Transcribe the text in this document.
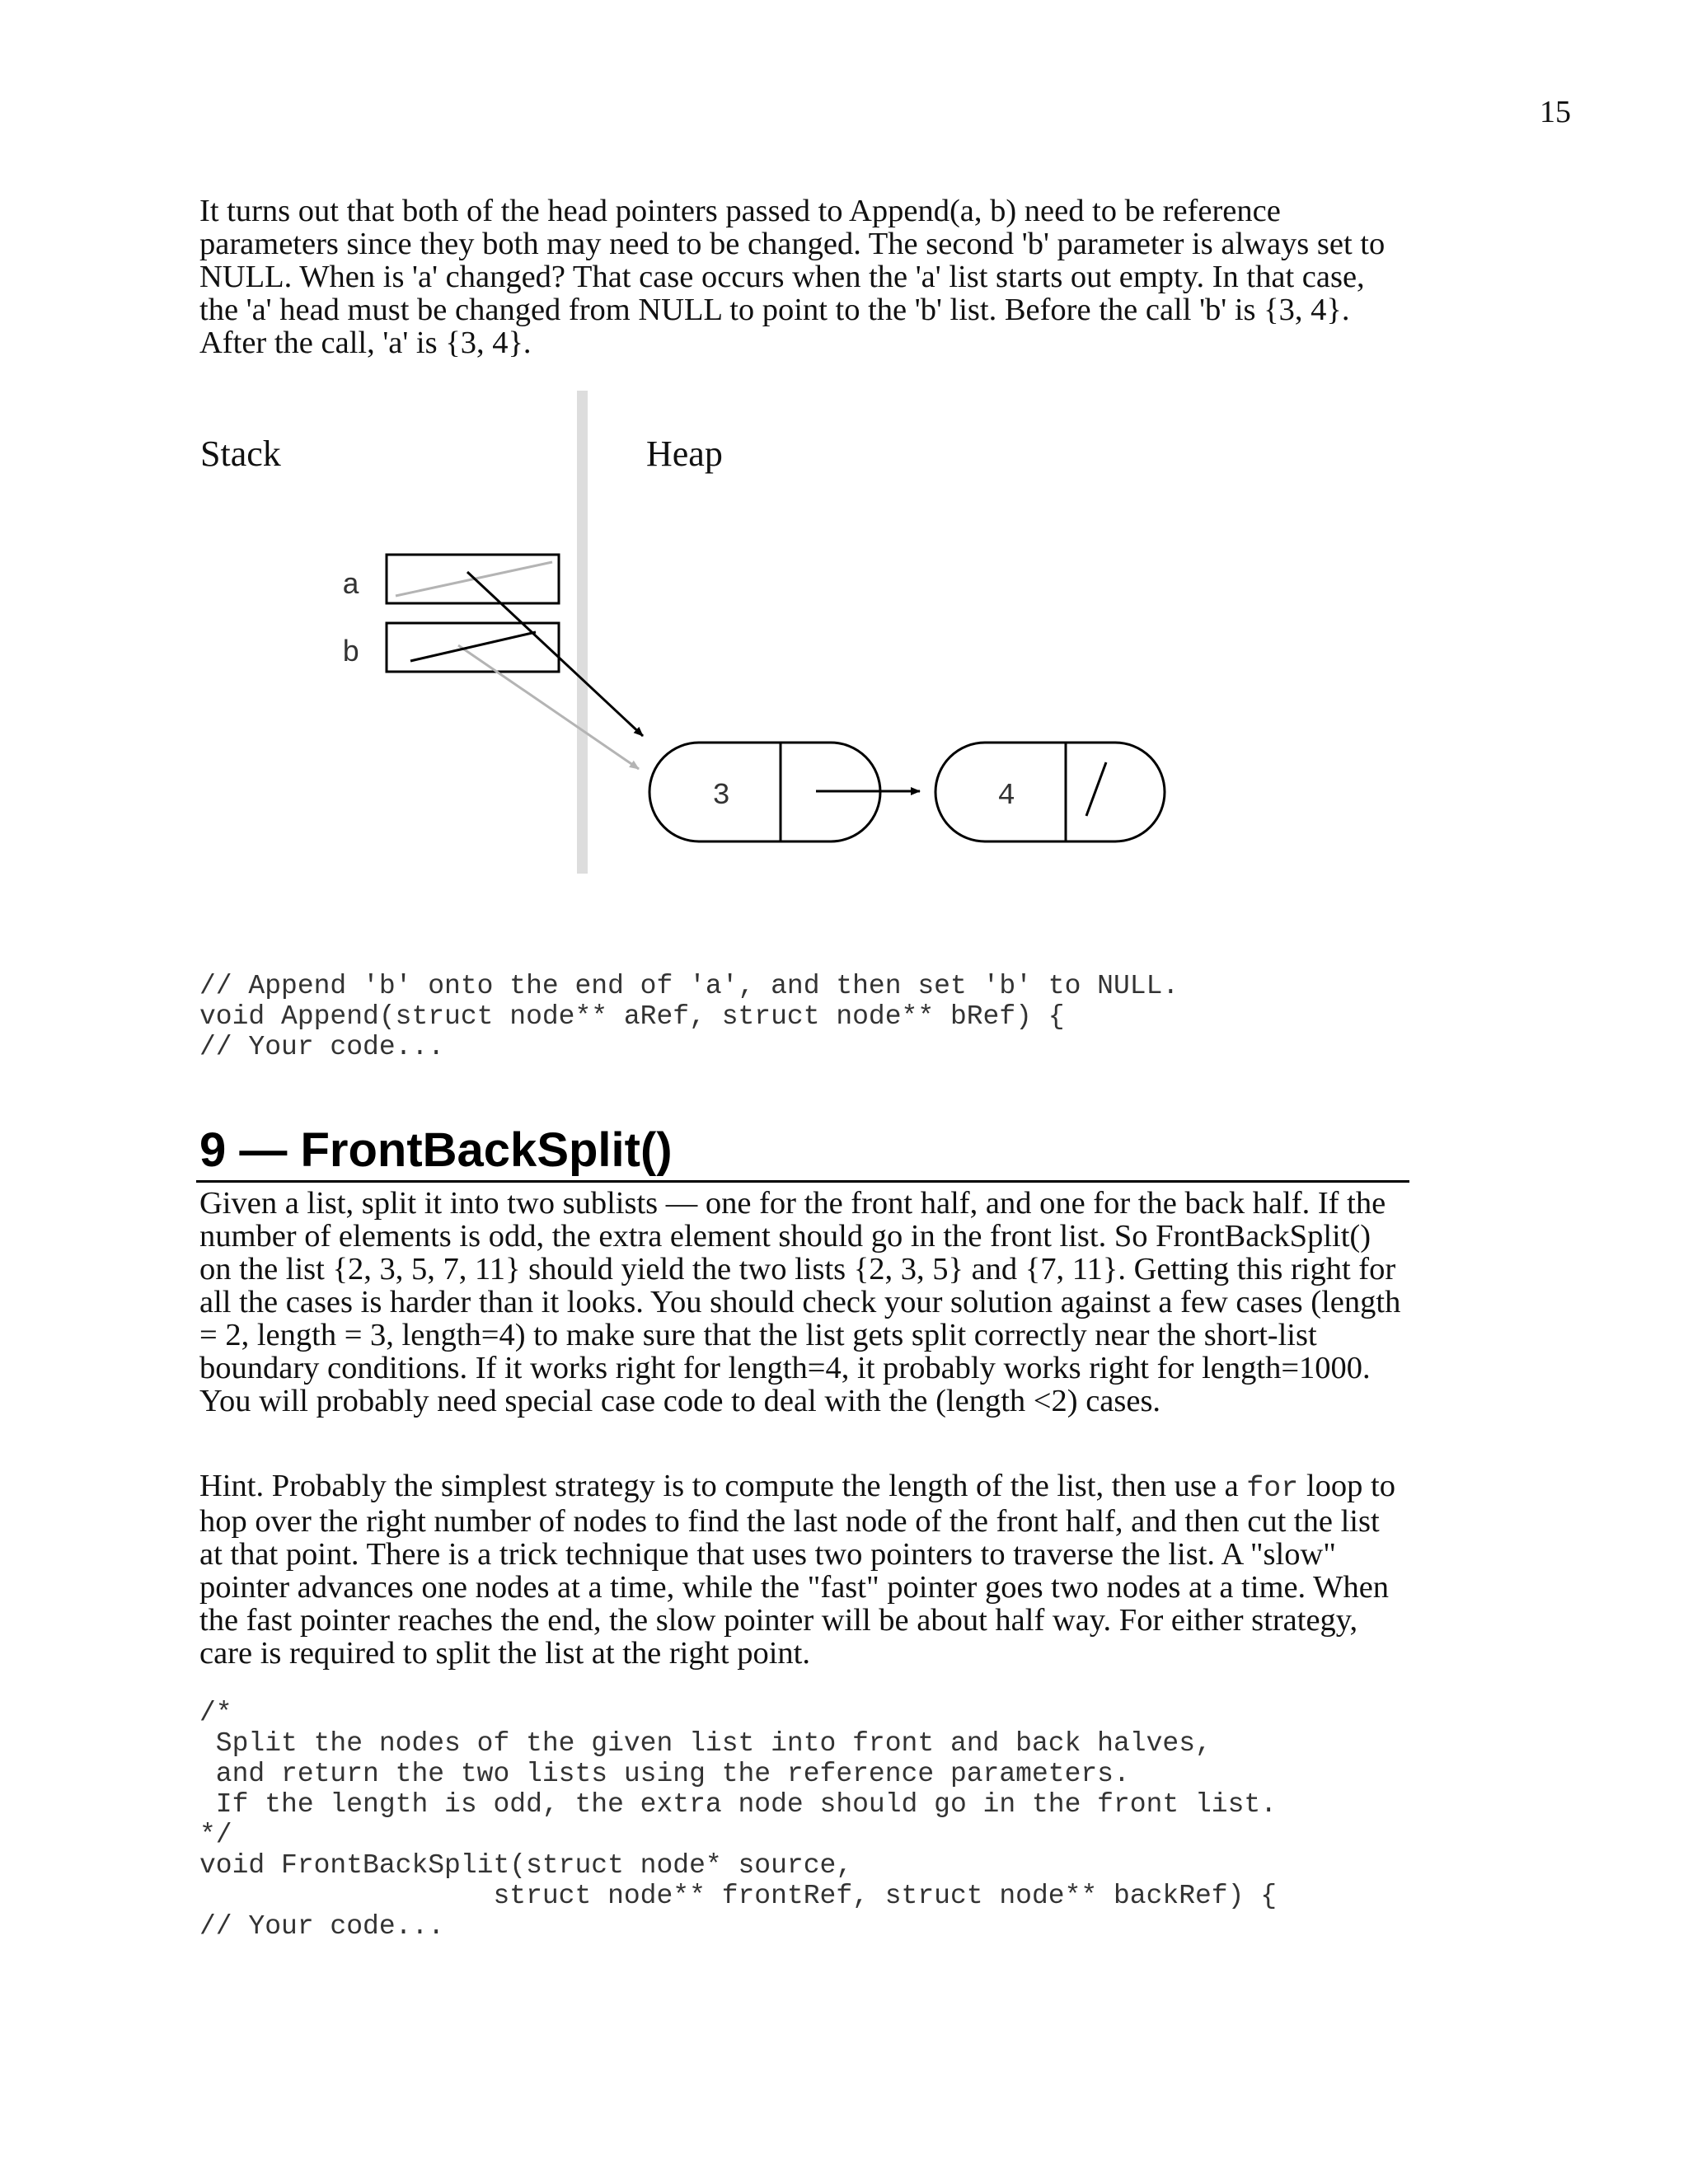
15

It turns out that both of the head pointers passed to Append(a, b) need to be reference parameters since they both may need to be changed. The second 'b' parameter is always set to NULL. When is 'a' changed? That case occurs when the 'a' list starts out empty. In that case, the 'a' head must be changed from NULL to point to the 'b' list. Before the call 'b' is {3, 4}. After the call, 'a' is {3, 4}.

Stack	Heap
a
b
3	4
// Append 'b' onto the end of 'a', and then set 'b' to NULL.
void Append(struct node** aRef, struct node** bRef) {
// Your code...
9 — FrontBackSplit()

Given a list, split it into two sublists — one for the front half, and one for the back half. If the number of elements is odd, the extra element should go in the front list. So FrontBackSplit() on the list {2, 3, 5, 7, 11} should yield the two lists {2, 3, 5} and {7, 11}. Getting this right for all the cases is harder than it looks. You should check your solution against a few cases (length = 2, length = 3, length=4) to make sure that the list gets split correctly near the short-list boundary conditions. If it works right for length=4, it probably works right for length=1000. You will probably need special case code to deal with the (length <2) cases.

Hint. Probably the simplest strategy is to compute the length of the list, then use a for loop to hop over the right number of nodes to find the last node of the front half, and then cut the list at that point. There is a trick technique that uses two pointers to traverse the list. A "slow" pointer advances one nodes at a time, while the "fast" pointer goes two nodes at a time. When the fast pointer reaches the end, the slow pointer will be about half way. For either strategy, care is required to split the list at the right point.

/*
Split the nodes of the given list into front and back halves,
and return the two lists using the reference parameters.
If the length is odd, the extra node should go in the front list.
*/
void FrontBackSplit(struct node* source,
struct node** frontRef, struct node** backRef) {
// Your code...
